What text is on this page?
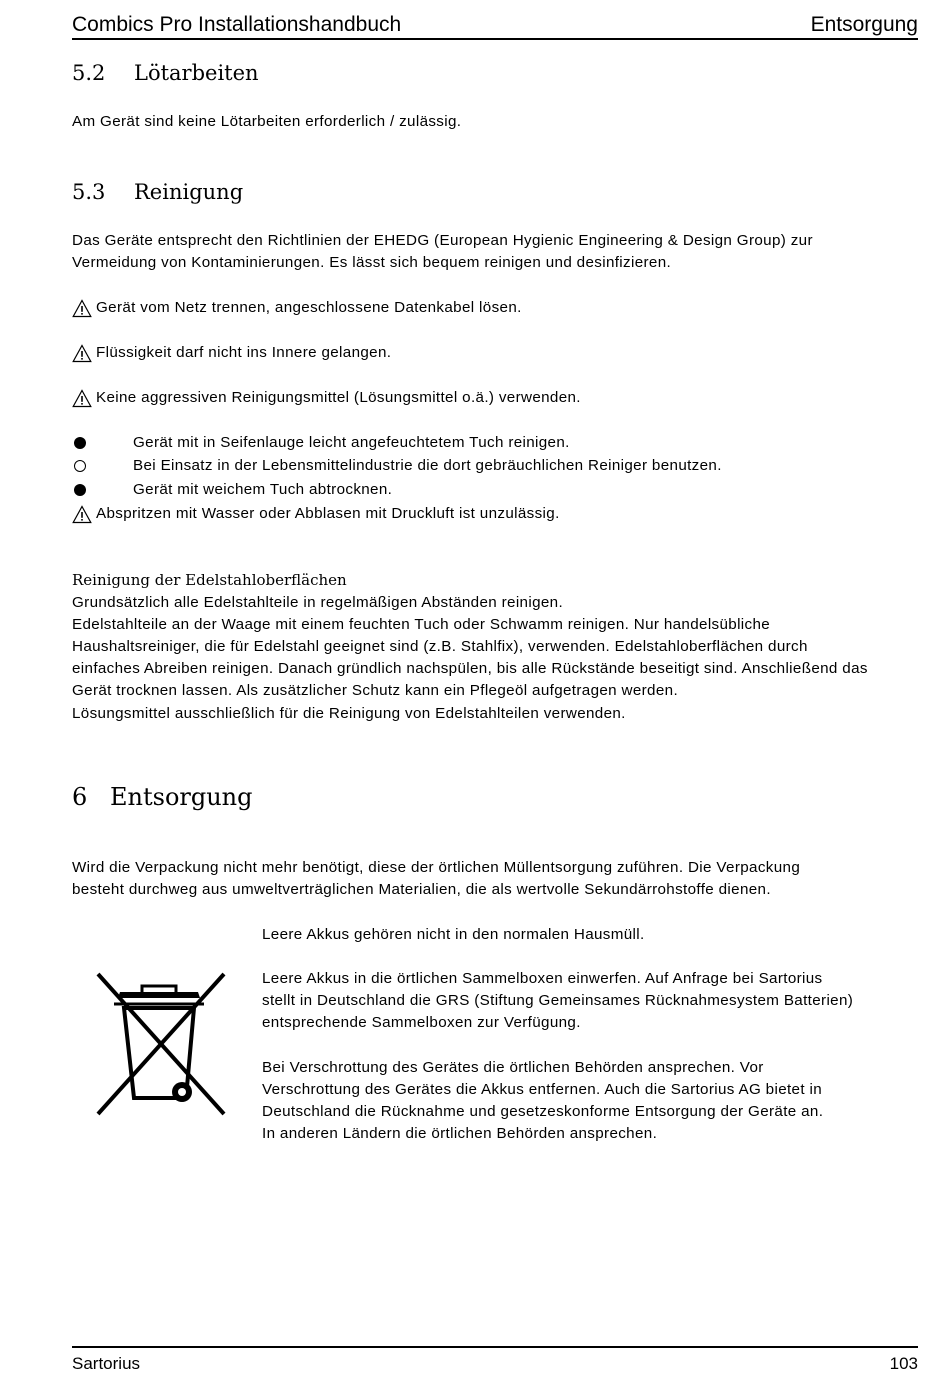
Combics Pro Installationshandbuch	Entsorgung
5.2 Lötarbeiten
Am Gerät sind keine Lötarbeiten erforderlich / zulässig.
5.3 Reinigung
Das Geräte entsprecht den Richtlinien der EHEDG (European Hygienic Engineering & Design Group) zur
Vermeidung von Kontaminierungen. Es lässt sich bequem reinigen und desinfizieren.
Gerät vom Netz trennen, angeschlossene Datenkabel lösen.
Flüssigkeit darf nicht ins Innere gelangen.
Keine aggressiven Reinigungsmittel (Lösungsmittel o.ä.) verwenden.
Gerät mit in Seifenlauge leicht angefeuchtetem Tuch reinigen.
Bei Einsatz in der Lebensmittelindustrie die dort gebräuchlichen Reiniger benutzen.
Gerät mit weichem Tuch abtrocknen.
Abspritzen mit Wasser oder Abblasen mit Druckluft ist unzulässig.
Reinigung der Edelstahloberflächen
Grundsätzlich alle Edelstahlteile in regelmäßigen Abständen reinigen.
Edelstahlteile an der Waage mit einem feuchten Tuch oder Schwamm reinigen. Nur handelsübliche
Haushaltsreiniger, die für Edelstahl geeignet sind (z.B. Stahlfix), verwenden. Edelstahloberflächen durch
einfaches Abreiben reinigen. Danach gründlich nachspülen, bis alle Rückstände beseitigt sind. Anschließend das
Gerät trocknen lassen. Als zusätzlicher Schutz kann ein Pflegeöl aufgetragen werden.
Lösungsmittel ausschließlich für die Reinigung von Edelstahlteilen verwenden.
6 Entsorgung
Wird die Verpackung nicht mehr benötigt, diese der örtlichen Müllentsorgung zuführen. Die Verpackung
besteht durchweg aus umweltverträglichen Materialien, die als wertvolle Sekundärrohstoffe dienen.
Leere Akkus gehören nicht in den normalen Hausmüll.
Leere Akkus in die örtlichen Sammelboxen einwerfen. Auf Anfrage bei Sartorius
stellt in Deutschland die GRS (Stiftung Gemeinsames Rücknahmesystem Batterien)
entsprechende Sammelboxen zur Verfügung.
Bei Verschrottung des Gerätes die örtlichen Behörden ansprechen. Vor
Verschrottung des Gerätes die Akkus entfernen. Auch die Sartorius AG bietet in
Deutschland die Rücknahme und gesetzeskonforme Entsorgung der Geräte an.
In anderen Ländern die örtlichen Behörden ansprechen.
Sartorius	103
